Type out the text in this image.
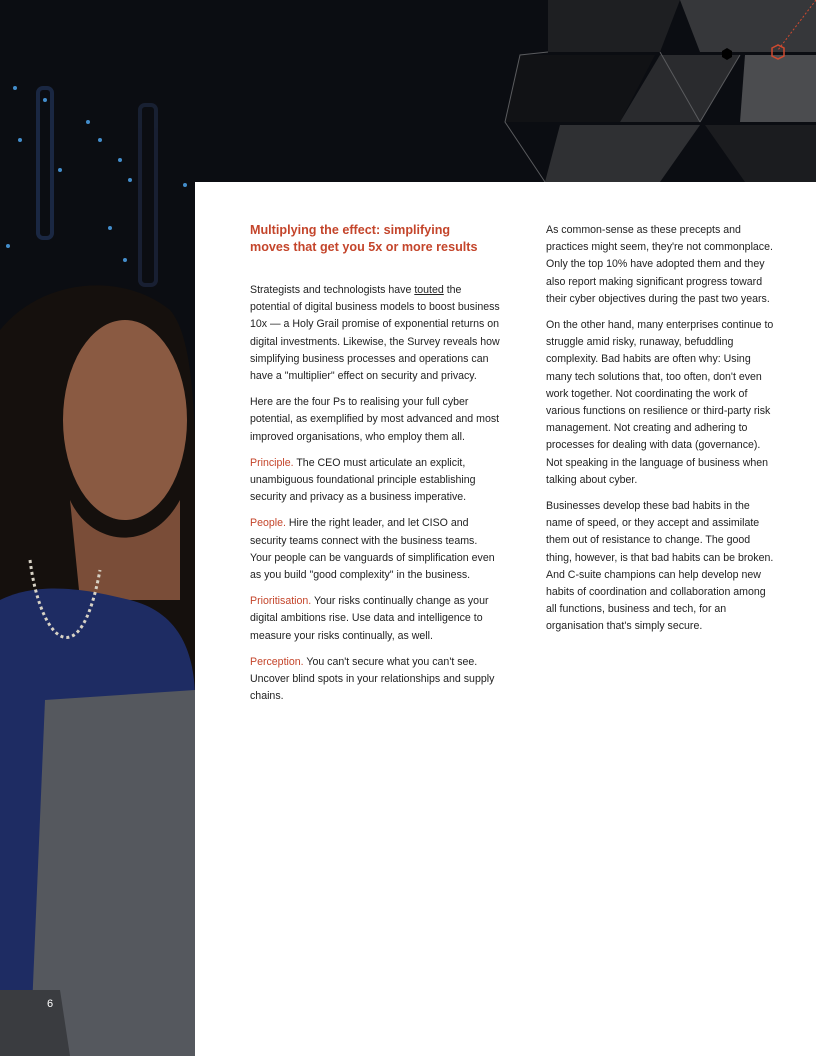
Multiplying the effect: simplifying
moves that get you 5x or more results

Strategists and technologists have touted the potential of digital business models to boost business 10x — a Holy Grail promise of exponential returns on digital investments. Likewise, the Survey reveals how simplifying business processes and operations can have a "multiplier" effect on security and privacy.

Here are the four Ps to realising your full cyber potential, as exemplified by most advanced and most improved organisations, who employ them all.

Principle. The CEO must articulate an explicit, unambiguous foundational principle establishing security and privacy as a business imperative.

People. Hire the right leader, and let CISO and security teams connect with the business teams. Your people can be vanguards of simplification even as you build "good complexity" in the business.

Prioritisation. Your risks continually change as your digital ambitions rise. Use data and intelligence to measure your risks continually, as well.

Perception. You can't secure what you can't see. Uncover blind spots in your relationships and supply chains.

As common-sense as these precepts and practices might seem, they're not commonplace. Only the top 10% have adopted them and they also report making significant progress toward their cyber objectives during the past two years.

On the other hand, many enterprises continue to struggle amid risky, runaway, befuddling complexity. Bad habits are often why: Using many tech solutions that, too often, don't even work together. Not coordinating the work of various functions on resilience or third-party risk management. Not creating and adhering to processes for dealing with data (governance). Not speaking in the language of business when talking about cyber.

Businesses develop these bad habits in the name of speed, or they accept and assimilate them out of resistance to change. The good thing, however, is that bad habits can be broken. And C-suite champions can help develop new habits of coordination and collaboration among all functions, business and tech, for an organisation that's simply secure.

6
